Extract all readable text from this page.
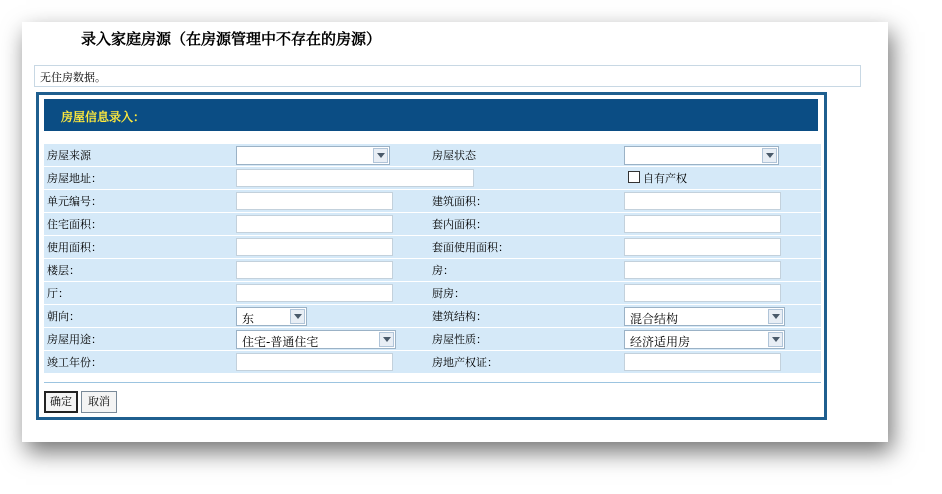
录入家庭房源（在房源管理中不存在的房源）
无住房数据。
房屋信息录入：
房屋来源	房屋状态
房屋地址：	自有产权
单元编号：	建筑面积：
住宅面积：	套内面积：
使用面积：	套面使用面积：
楼层：	房：
厅：	厨房：
朝向：	东	建筑结构：	混合结构
房屋用途：	住宅-普通住宅	房屋性质：	经济适用房
竣工年份：	房地产权证：
确定	取消
